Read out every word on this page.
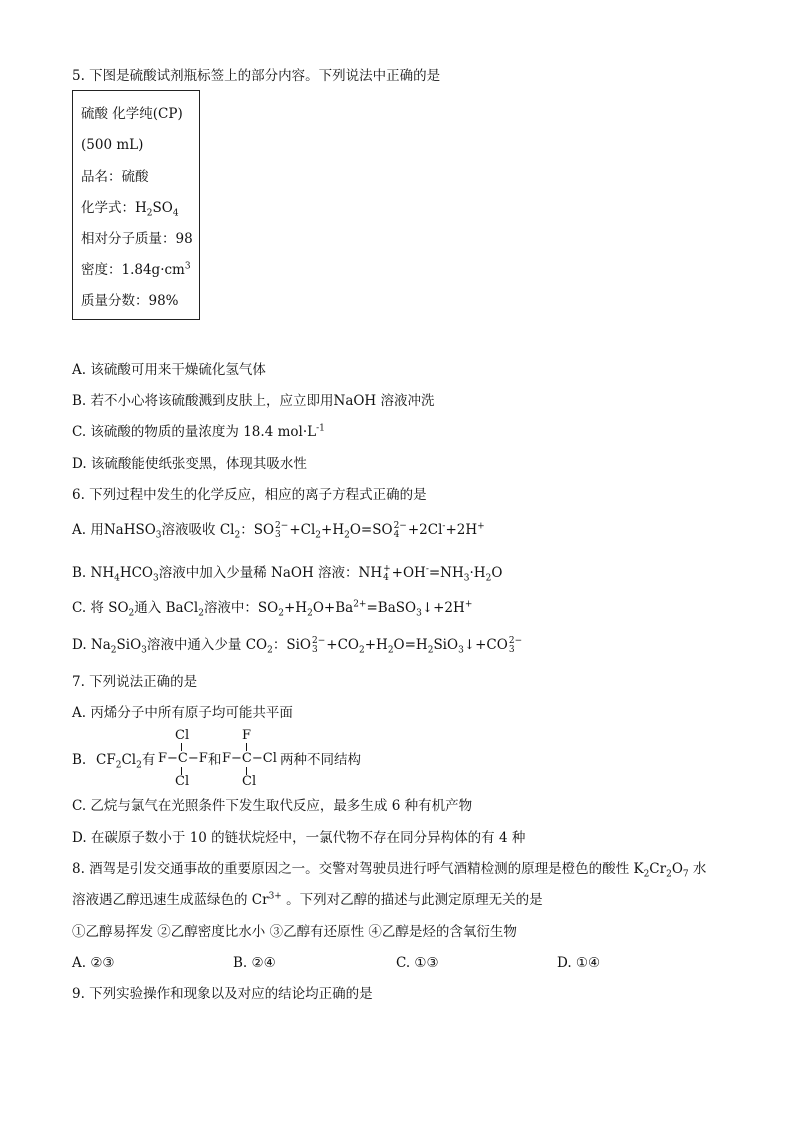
5. 下图是硫酸试剂瓶标签上的部分内容。下列说法中正确的是
硫酸 化学纯(CP)
(500 mL)
品名：硫酸
化学式：$H_2SO_4$
相对分子质量：98
密度：$1.84g\cdot cm^3$
质量分数：98%
A. 该硫酸可用来干燥硫化氢气体
B. 若不小心将该硫酸溅到皮肤上，应立即用NaOH 溶液冲洗
C. 该硫酸的物质的量浓度为 18.4 $mol\cdot L^{-1}$
D. 该硫酸能使纸张变黑，体现其吸水性
6. 下列过程中发生的化学反应，相应的离子方程式正确的是
A. 用NaHSO$_3$溶液吸收 $Cl_2$：SO 2−
$3 +Cl_2+H_2O=SO$ 2−
4 +2Cl-+2H+
B. $NH_4HCO_3$溶液中加入少量稀 NaOH 溶液：NH +
$4 +OH^-=NH_3\cdot H_2O$
C. 将 $SO_2$通入 BaCl$_2$溶液中：$SO_2+H_2O+Ba^{2+}=BaSO_3↓+2H^+$
D. $Na_2SiO_3$溶液中通入少量 $CO_2$：SiO 2−
$3 +CO_2+H_2O=H_2SiO_3↓+CO$ 2−
3
7. 下列说法正确的是
A. 丙烯分子中所有原子均可能共平面
B. $CF_2Cl_2$有
Cl
F−C−F
Cl
和
F
F−C−Cl
Cl
两种不同结构
C. 乙烷与氯气在光照条件下发生取代反应，最多生成 6 种有机产物
D. 在碳原子数小于 10 的链状烷烃中，一氯代物不存在同分异构体的有 4 种
8. 酒驾是引发交通事故的重要原因之一。交警对驾驶员进行呼气酒精检测的原理是橙色的酸性 $K_2Cr_2O_7$ 水
溶液遇乙醇迅速生成蓝绿色的 $Cr^{3+}$ 。下列对乙醇的描述与此测定原理无关的是
①乙醇易挥发 ②乙醇密度比水小 ③乙醇有还原性 ④乙醇是烃的含氧衍生物
A. ②③	B. ②④	C. ①③	D. ①④
9. 下列实验操作和现象以及对应的结论均正确的是
